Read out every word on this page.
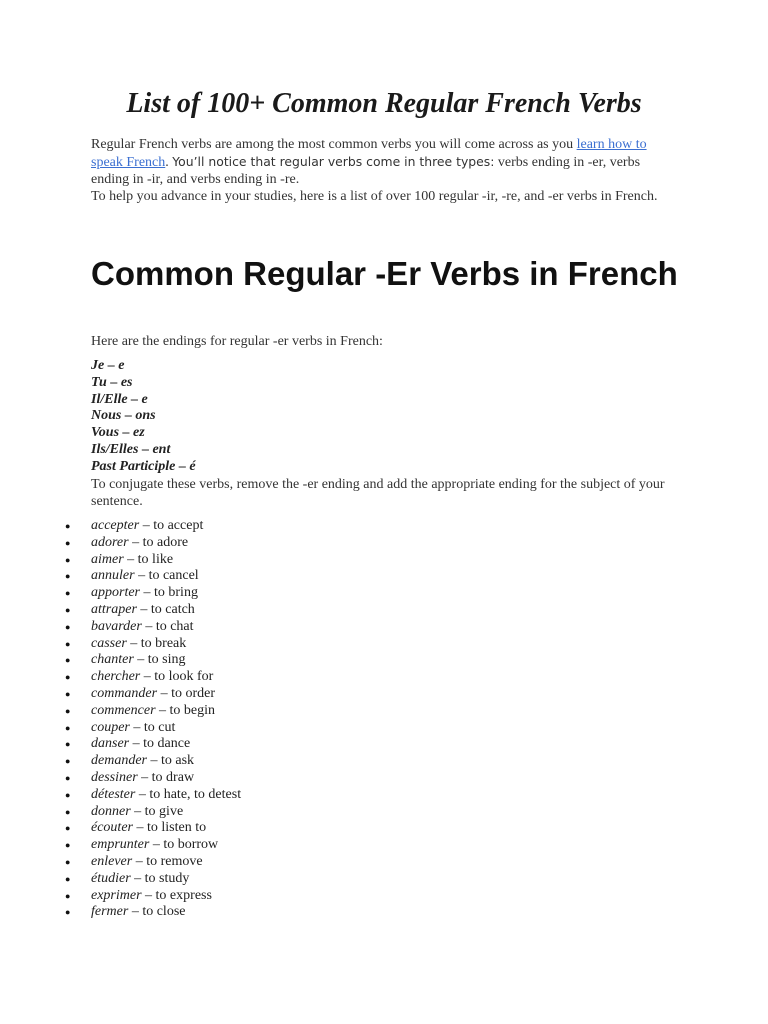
List of 100+ Common Regular French Verbs

Regular French verbs are among the most common verbs you will come across as you learn how to speak French. You’ll notice that regular verbs come in three types: verbs ending in -er, verbs ending in -ir, and verbs ending in -re.
To help you advance in your studies, here is a list of over 100 regular -ir, -re, and -er verbs in French.

Common Regular -Er Verbs in French

Here are the endings for regular -er verbs in French:

Je – e
Tu – es
Il/Elle – e
Nous – ons
Vous – ez
Ils/Elles – ent
Past Participle – é

To conjugate these verbs, remove the -er ending and add the appropriate ending for the subject of your sentence.

● accepter – to accept
● adorer – to adore
● aimer – to like
● annuler – to cancel
● apporter – to bring
● attraper – to catch
● bavarder – to chat
● casser – to break
● chanter – to sing
● chercher – to look for
● commander – to order
● commencer – to begin
● couper – to cut
● danser – to dance
● demander – to ask
● dessiner – to draw
● détester – to hate, to detest
● donner – to give
● écouter – to listen to
● emprunter – to borrow
● enlever – to remove
● étudier – to study
● exprimer – to express
● fermer – to close
